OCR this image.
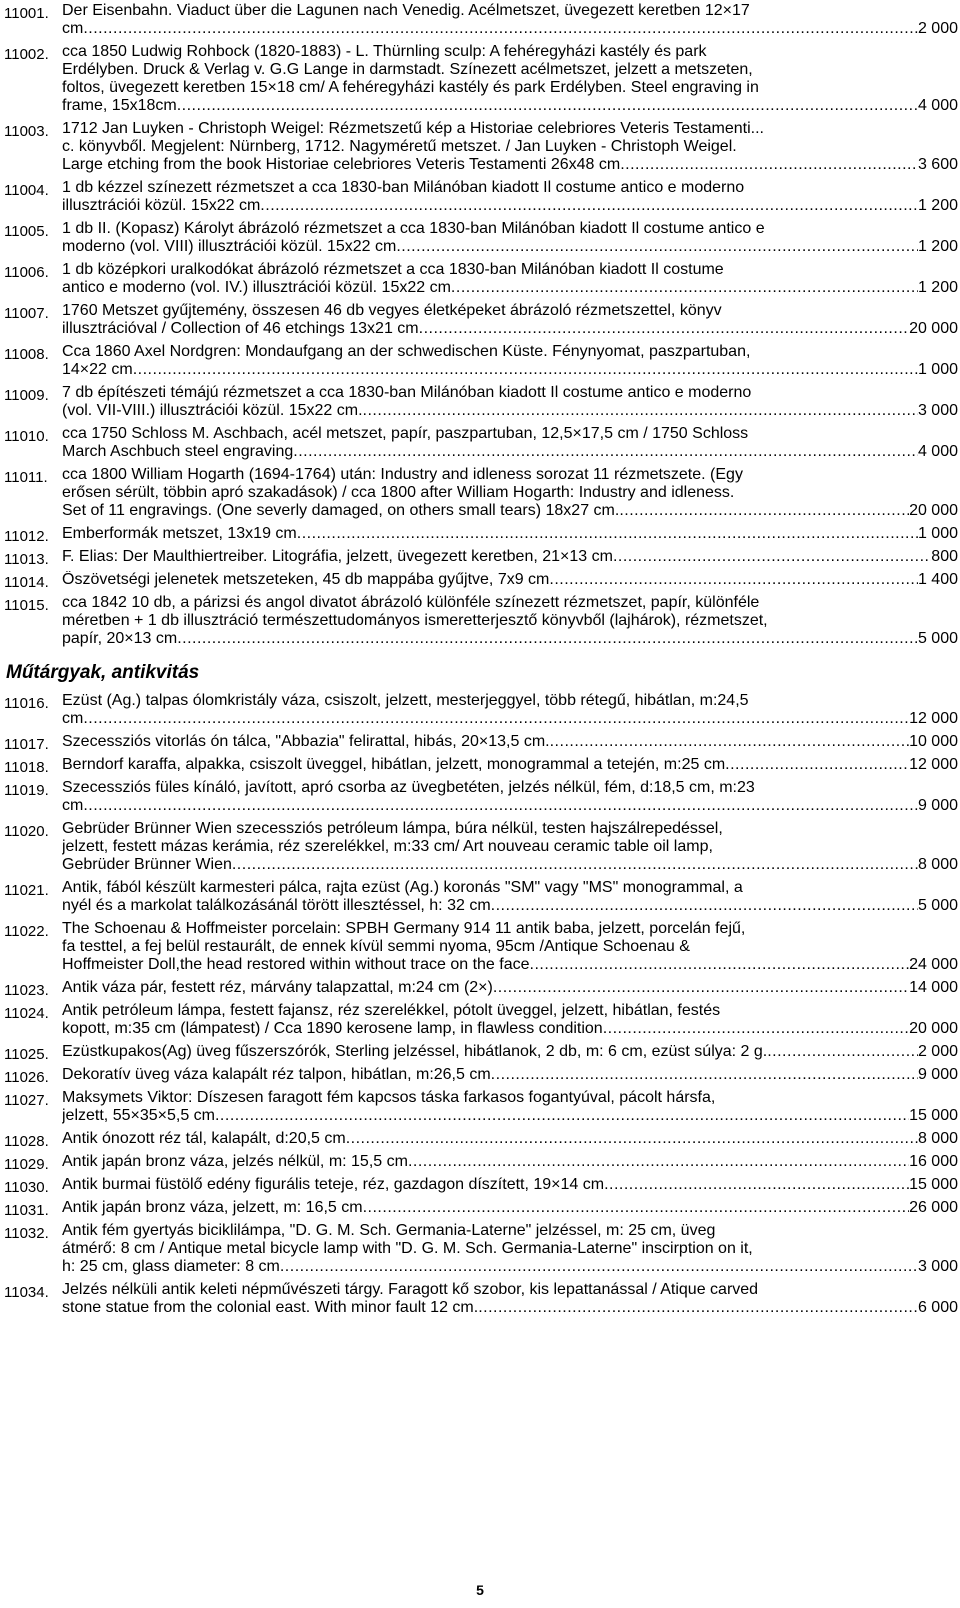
11001. Der Eisenbahn. Viaduct über die Lagunen nach Venedig. Acélmetszet, üvegezett keretben 12×17
cm .....	2 000
11002. cca 1850 Ludwig Rohbock (1820-1883) - L. Thürnling sculp: A fehéregyházi kastély és park
Erdélyben. Druck & Verlag v. G.G Lange in darmstadt. Színezett acélmetszet, jelzett a metszeten,
foltos, üvegezett keretben 15×18 cm/ A fehéregyházi kastély és park Erdélyben. Steel engraving in
frame, 15x18cm .....	4 000
11003. 1712 Jan Luyken - Christoph Weigel: Rézmetszetű kép a Historiae celebriores Veteris Testamenti...
c. könyvből. Megjelent: Nürnberg, 1712. Nagyméretű metszet. / Jan Luyken - Christoph Weigel.
Large etching from the book Historiae celebriores Veteris Testamenti 26x48 cm .....	3 600
11004. 1 db kézzel színezett rézmetszet a cca 1830-ban Milánóban kiadott Il costume antico e moderno
illusztrációi közül. 15x22 cm .....	1 200
11005. 1 db II. (Kopasz) Károlyt ábrázoló rézmetszet a cca 1830-ban Milánóban kiadott Il costume antico e
moderno (vol. VIII) illusztrációi közül. 15x22 cm .....	1 200
11006. 1 db középkori uralkodókat ábrázoló rézmetszet a cca 1830-ban Milánóban kiadott Il costume
antico e moderno (vol. IV.) illusztrációi közül. 15x22 cm .....	1 200
11007. 1760 Metszet gyűjtemény, összesen 46 db vegyes életképeket ábrázoló rézmetszettel, könyv
illusztrációval / Collection of 46 etchings 13x21 cm .....	20 000
11008. Cca 1860 Axel Nordgren: Mondaufgang an der schwedischen Küste. Fénynyomat, paszpartuban,
14×22 cm .....	1 000
11009. 7 db építészeti témájú rézmetszet a cca 1830-ban Milánóban kiadott Il costume antico e moderno
(vol. VII-VIII.) illusztrációi közül. 15x22 cm. .....	3 000
11010. cca 1750 Schloss M. Aschbach, acél metszet, papír, paszpartuban, 12,5×17,5 cm / 1750 Schloss
March Aschbuch steel engraving .....	4 000
11011. cca 1800 William Hogarth (1694-1764) után: Industry and idleness sorozat 11 rézmetszete. (Egy
erősen sérült, többin apró szakadások) / cca 1800 after William Hogarth: Industry and idleness.
Set of 11 engravings. (One severly damaged, on others small tears) 18x27 cm. .....	20 000
11012. Emberformák metszet, 13x19 cm .....	1 000
11013. F. Elias: Der Maulthiertreiber. Litográfia, jelzett, üvegezett keretben, 21×13 cm .....	800
11014. Őszövetségi jelenetek metszeteken, 45 db mappába gyűjtve, 7x9 cm .....	1 400
11015. cca 1842 10 db, a párizsi és angol divatot ábrázoló különféle színezett rézmetszet, papír, különféle
méretben + 1 db illusztráció természettudományos ismeretterjesztő könyvből (lajhárok), rézmetszet,
papír, 20×13 cm .....	5 000
Műtárgyak, antikvitás
11016. Ezüst (Ag.) talpas ólomkristály váza, csiszolt, jelzett, mesterjeggyel, több rétegű, hibátlan, m:24,5
cm .....	12 000
11017. Szecessziós vitorlás ón tálca, "Abbazia" felirattal, hibás, 20×13,5 cm. .....	10 000
11018. Berndorf karaffa, alpakka, csiszolt üveggel, hibátlan, jelzett, monogrammal a tetején, m:25 cm .....	12 000
11019. Szecessziós füles kínáló, javított, apró csorba az üvegbetéten, jelzés nélkül, fém, d:18,5 cm, m:23
cm .....	9 000
11020. Gebrüder Brünner Wien szecessziós petróleum lámpa, búra nélkül, testen hajszálrepedéssel,
jelzett, festett mázas kerámia, réz szerelékkel, m:33 cm/ Art nouveau ceramic table oil lamp,
Gebrüder Brünner Wien .....	8 000
11021. Antik, fából készült karmesteri pálca, rajta ezüst (Ag.) koronás "SM" vagy "MS" monogrammal, a
nyél és a markolat találkozásánál törött illesztéssel, h: 32 cm .....	5 000
11022. The Schoenau & Hoffmeister porcelain: SPBH Germany 914 11 antik baba, jelzett, porcelán fejű,
fa testtel, a fej belül restaurált, de ennek kívül semmi nyoma, 95cm /Antique Schoenau &
Hoffmeister Doll,the head restored within without trace on the face .....	24 000
11023. Antik váza pár, festett réz, márvány talapzattal, m:24 cm (2×) .....	14 000
11024. Antik petróleum lámpa, festett fajansz, réz szerelékkel, pótolt üveggel, jelzett, hibátlan, festés
kopott, m:35 cm (lámpatest) / Cca 1890 kerosene lamp, in flawless condition .....	20 000
11025. Ezüstkupakos(Ag) üveg fűszerszórók, Sterling jelzéssel, hibátlanok, 2 db, m: 6 cm, ezüst súlya: 2 g. .....	2 000
11026. Dekoratív üveg váza kalapált réz talpon, hibátlan, m:26,5 cm .....	9 000
11027. Maksymets Viktor: Díszesen faragott fém kapcsos táska farkasos fogantyúval, pácolt hársfa,
jelzett, 55×35×5,5 cm .....	15 000
11028. Antik ónozott réz tál, kalapált, d:20,5 cm .....	8 000
11029. Antik japán bronz váza, jelzés nélkül, m: 15,5 cm .....	16 000
11030. Antik burmai füstölő edény figurális teteje, réz, gazdagon díszített, 19×14 cm .....	15 000
11031. Antik japán bronz váza, jelzett, m: 16,5 cm .....	26 000
11032. Antik fém gyertyás biciklilámpa, "D. G. M. Sch. Germania-Laterne" jelzéssel, m: 25 cm, üveg
átmérő: 8 cm / Antique metal bicycle lamp with "D. G. M. Sch. Germania-Laterne" inscirption on it,
h: 25 cm, glass diameter: 8 cm .....	3 000
11034. Jelzés nélküli antik keleti népművészeti tárgy. Faragott kő szobor, kis lepattanással / Atique carved
stone statue from the colonial east. With minor fault 12 cm. .....	6 000
5
